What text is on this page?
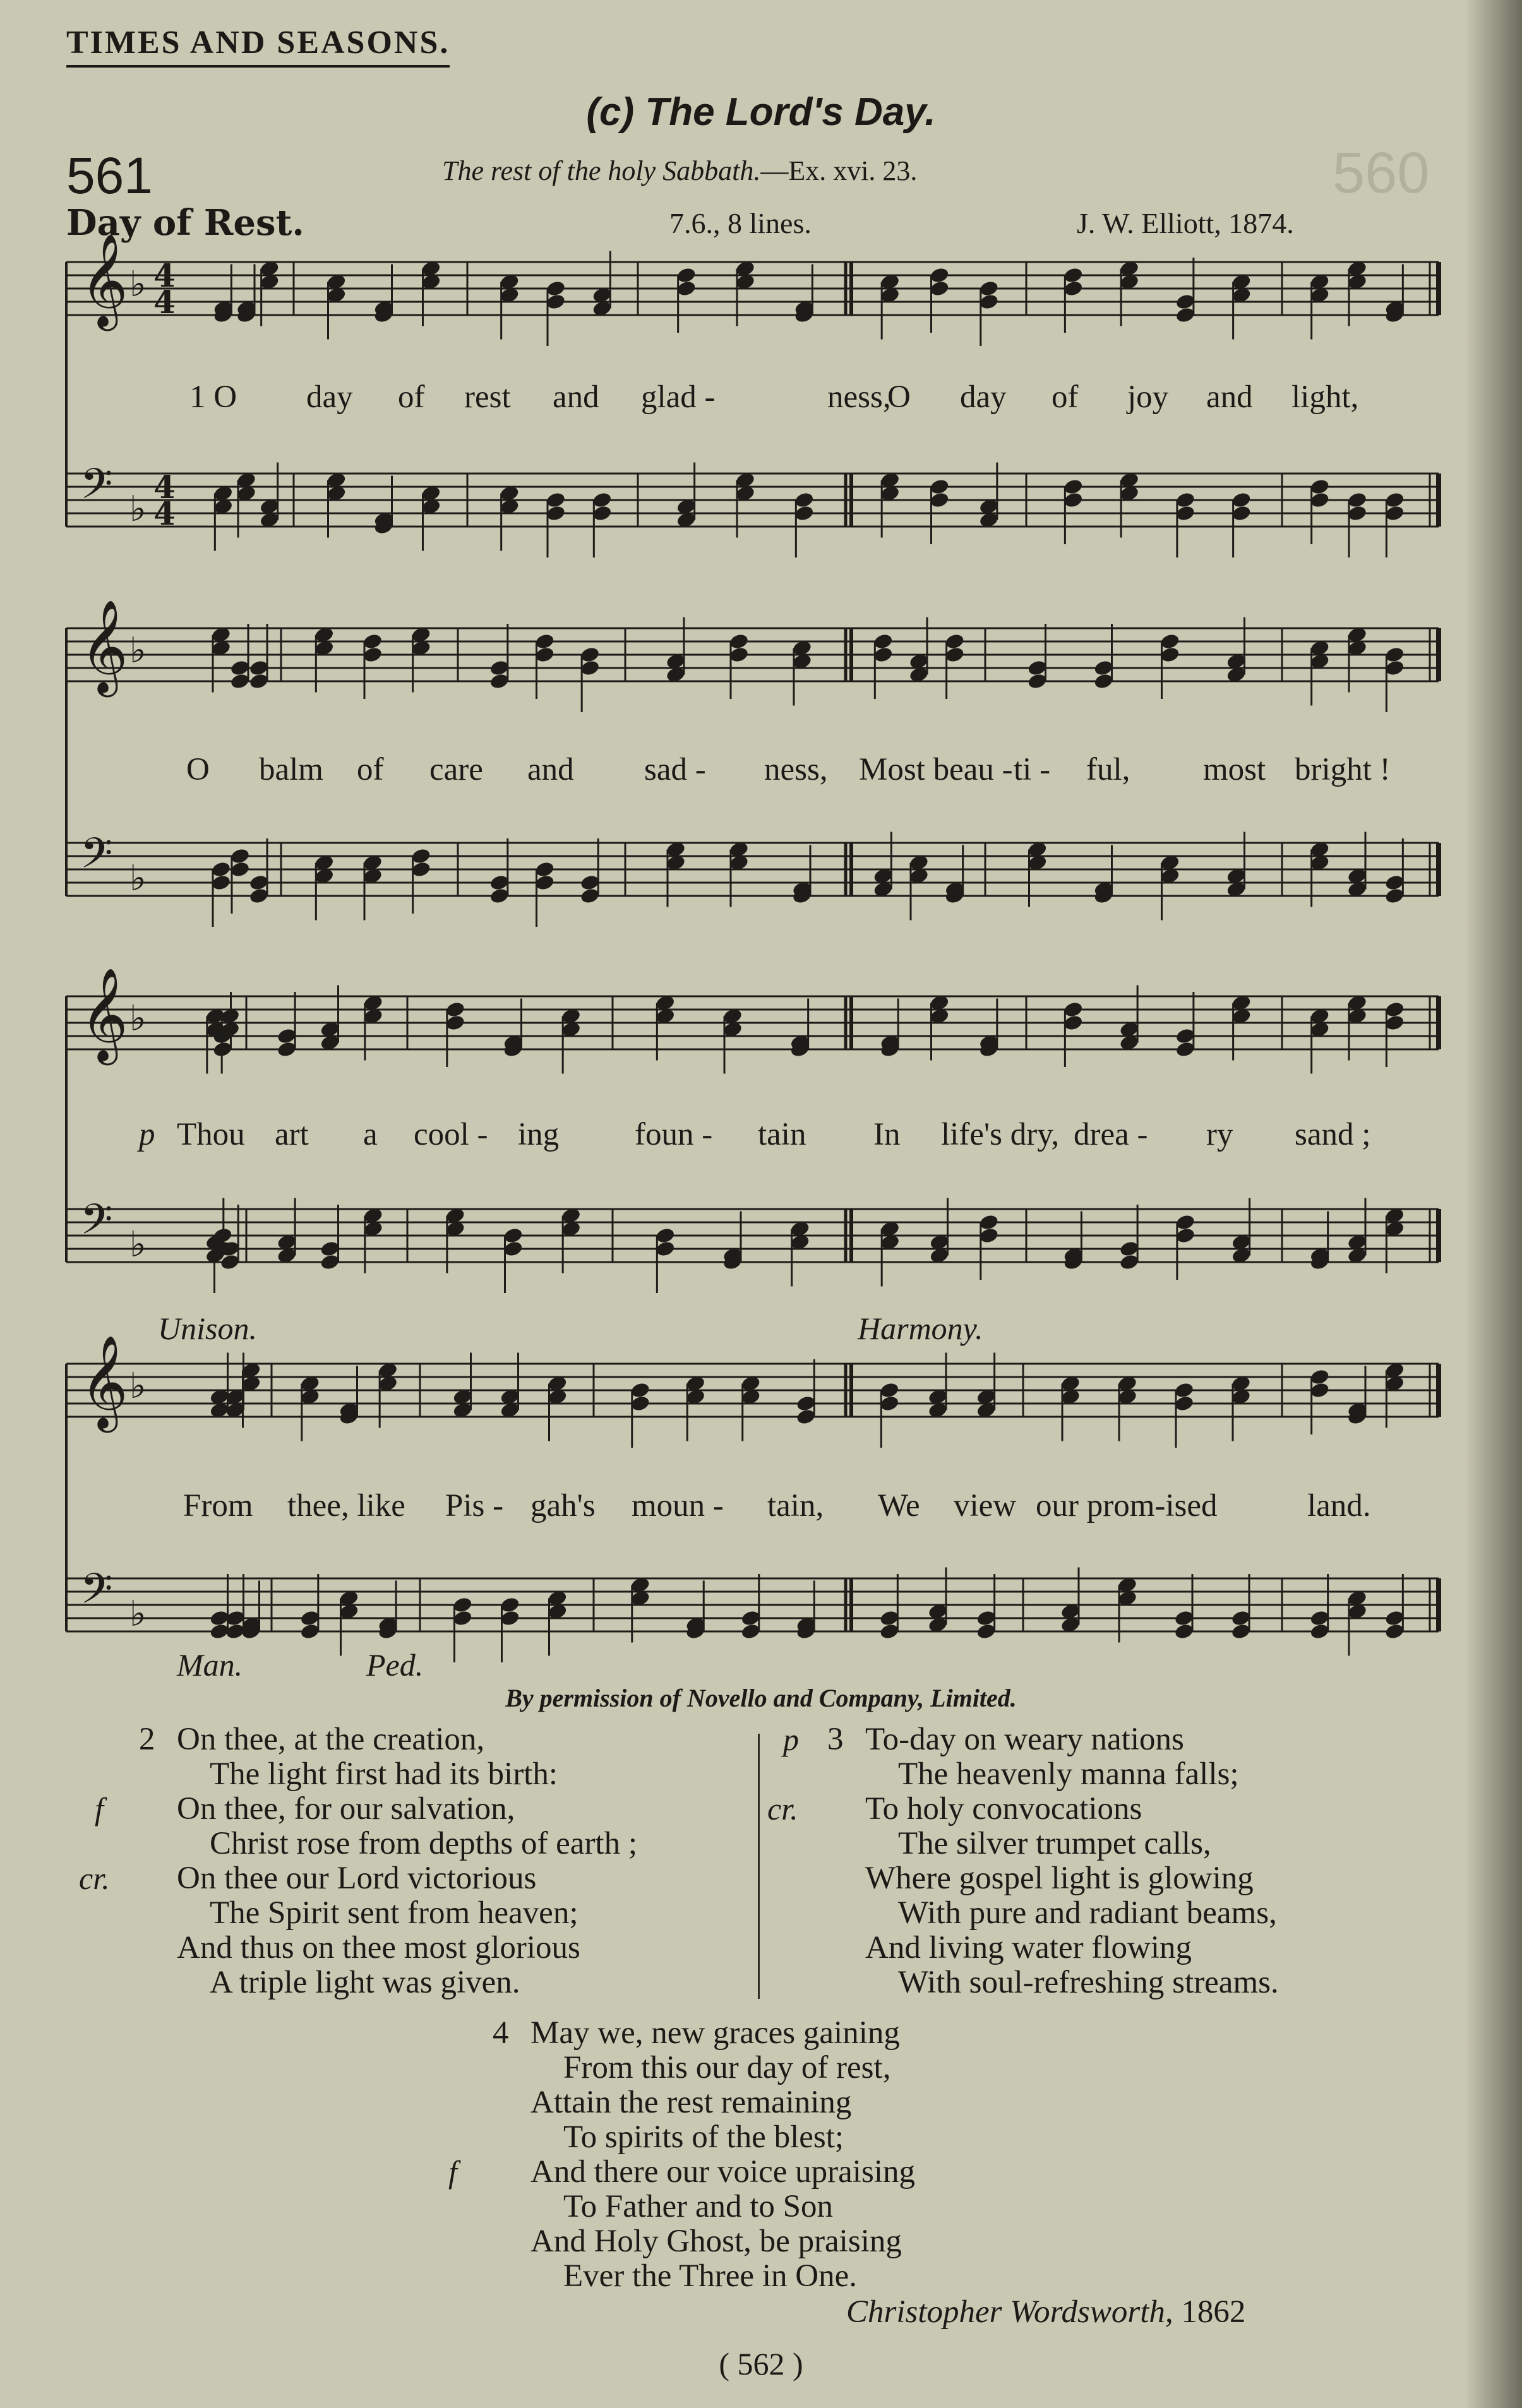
TIMES AND SEASONS.
(c) The Lord's Day.
561	The rest of the holy Sabbath.—Ex. xvi. 23.	560
Day of Rest.	7.6., 8 lines.	J. W. Elliott, 1874.
𝄞 ♭ 4
4
𝄢 ♭
4
4
𝄞 ♭
𝄢 ♭
𝄞 ♭
𝄢 ♭
𝄞 ♭
𝄢 ♭
1 O day of rest and glad -	ness,
O day of joy and light,
O balm of care and sad - ness, Most beau - ti - ful, most bright !
p Thou art a cool - ing foun - tain In life's dry, drea - ry sand ;
From thee, like Pis - gah's moun - tain, We view our prom-ised	land.
Unison.	Harmony.
Man.	Ped.
By permission of Novello and Company, Limited.
On thee, at the creation,
The light first had its birth:
On thee, for our salvation,
f
Christ rose from depths of earth ;
On thee our Lord victorious
cr.
The Spirit sent from heaven;
And thus on thee most glorious
A triple light was given.
2	To-day on weary nations
p
The heavenly manna falls;
To holy convocations
cr.
The silver trumpet calls,
Where gospel light is glowing
With pure and radiant beams,
And living water flowing
With soul-refreshing streams.
3
May we, new graces gaining
From this our day of rest,
Attain the rest remaining
To spirits of the blest;
And there our voice upraising
f
To Father and to Son
And Holy Ghost, be praising
Ever the Three in One.
4
Christopher Wordsworth, 1862
( 562 )
